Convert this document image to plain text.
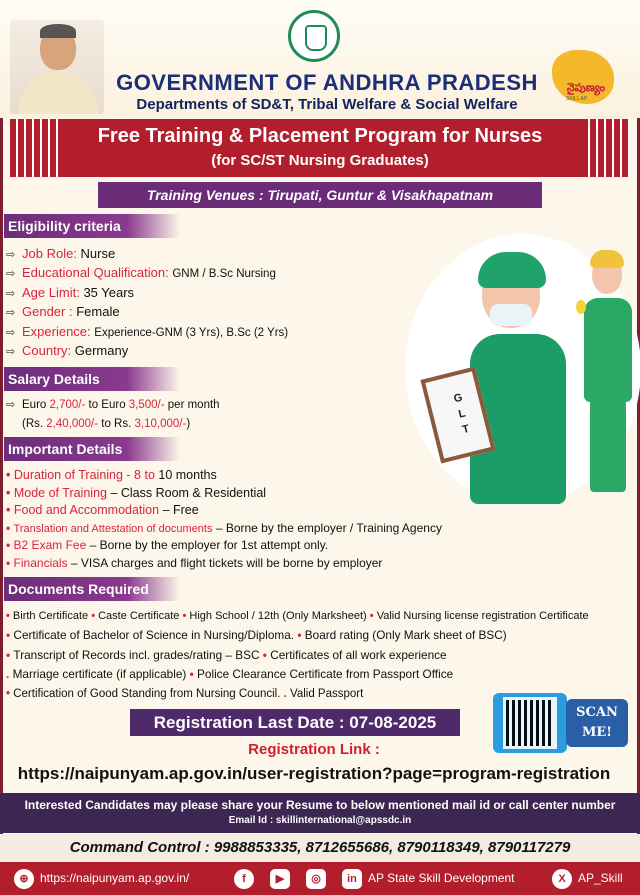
GOVERNMENT OF ANDHRA PRADESH
Departments of SD&T, Tribal Welfare & Social Welfare
నైపుణ్యం
SKILL AP
Free Training & Placement Program for Nurses
(for SC/ST Nursing Graduates)
Training Venues : Tirupati, Guntur & Visakhapatnam
G L T
Eligibility criteria
⇨ Job Role: Nurse
⇨ Educational Qualification: GNM / B.Sc Nursing
⇨ Age Limit: 35 Years
⇨ Gender : Female
⇨ Experience: Experience-GNM (3 Yrs), B.Sc (2 Yrs)
⇨ Country: Germany
Salary Details
⇨ Euro 2,700/- to Euro 3,500/- per month
(Rs. 2,40,000/- to Rs. 3,10,000/-)
Important Details
• Duration of Training - 8 to 10 months
• Mode of Training – Class Room & Residential
• Food and Accommodation – Free
• Translation and Attestation of documents – Borne by the employer / Training Agency
• B2 Exam Fee – Borne by the employer for 1st attempt only.
• Financials – VISA charges and flight tickets will be borne by employer
Documents Required
• Birth Certificate • Caste Certificate • High School / 12th (Only Marksheet) • Valid Nursing license registration Certificate
• Certificate of Bachelor of Science in Nursing/Diploma. • Board rating (Only Mark sheet of BSC)
• Transcript of Records incl. grades/rating – BSC • Certificates of all work experience
. Marriage certificate (if applicable) • Police Clearance Certificate from Passport Office
• Certification of Good Standing from Nursing Council. . Valid Passport
Registration Last Date : 07-08-2025
SCAN
ME!
Registration Link :
https://naipunyam.ap.gov.in/user-registration?page=program-registration
Interested Candidates may please share your Resume to below mentioned mail id or call center number
Email Id : skillinternational@apssdc.in
Command Control : 9988853335, 8712655686, 8790118349, 8790117279
⊕ https://naipunyam.ap.gov.in/	f	▶	◎	in AP State Skill Development	X AP_Skill
